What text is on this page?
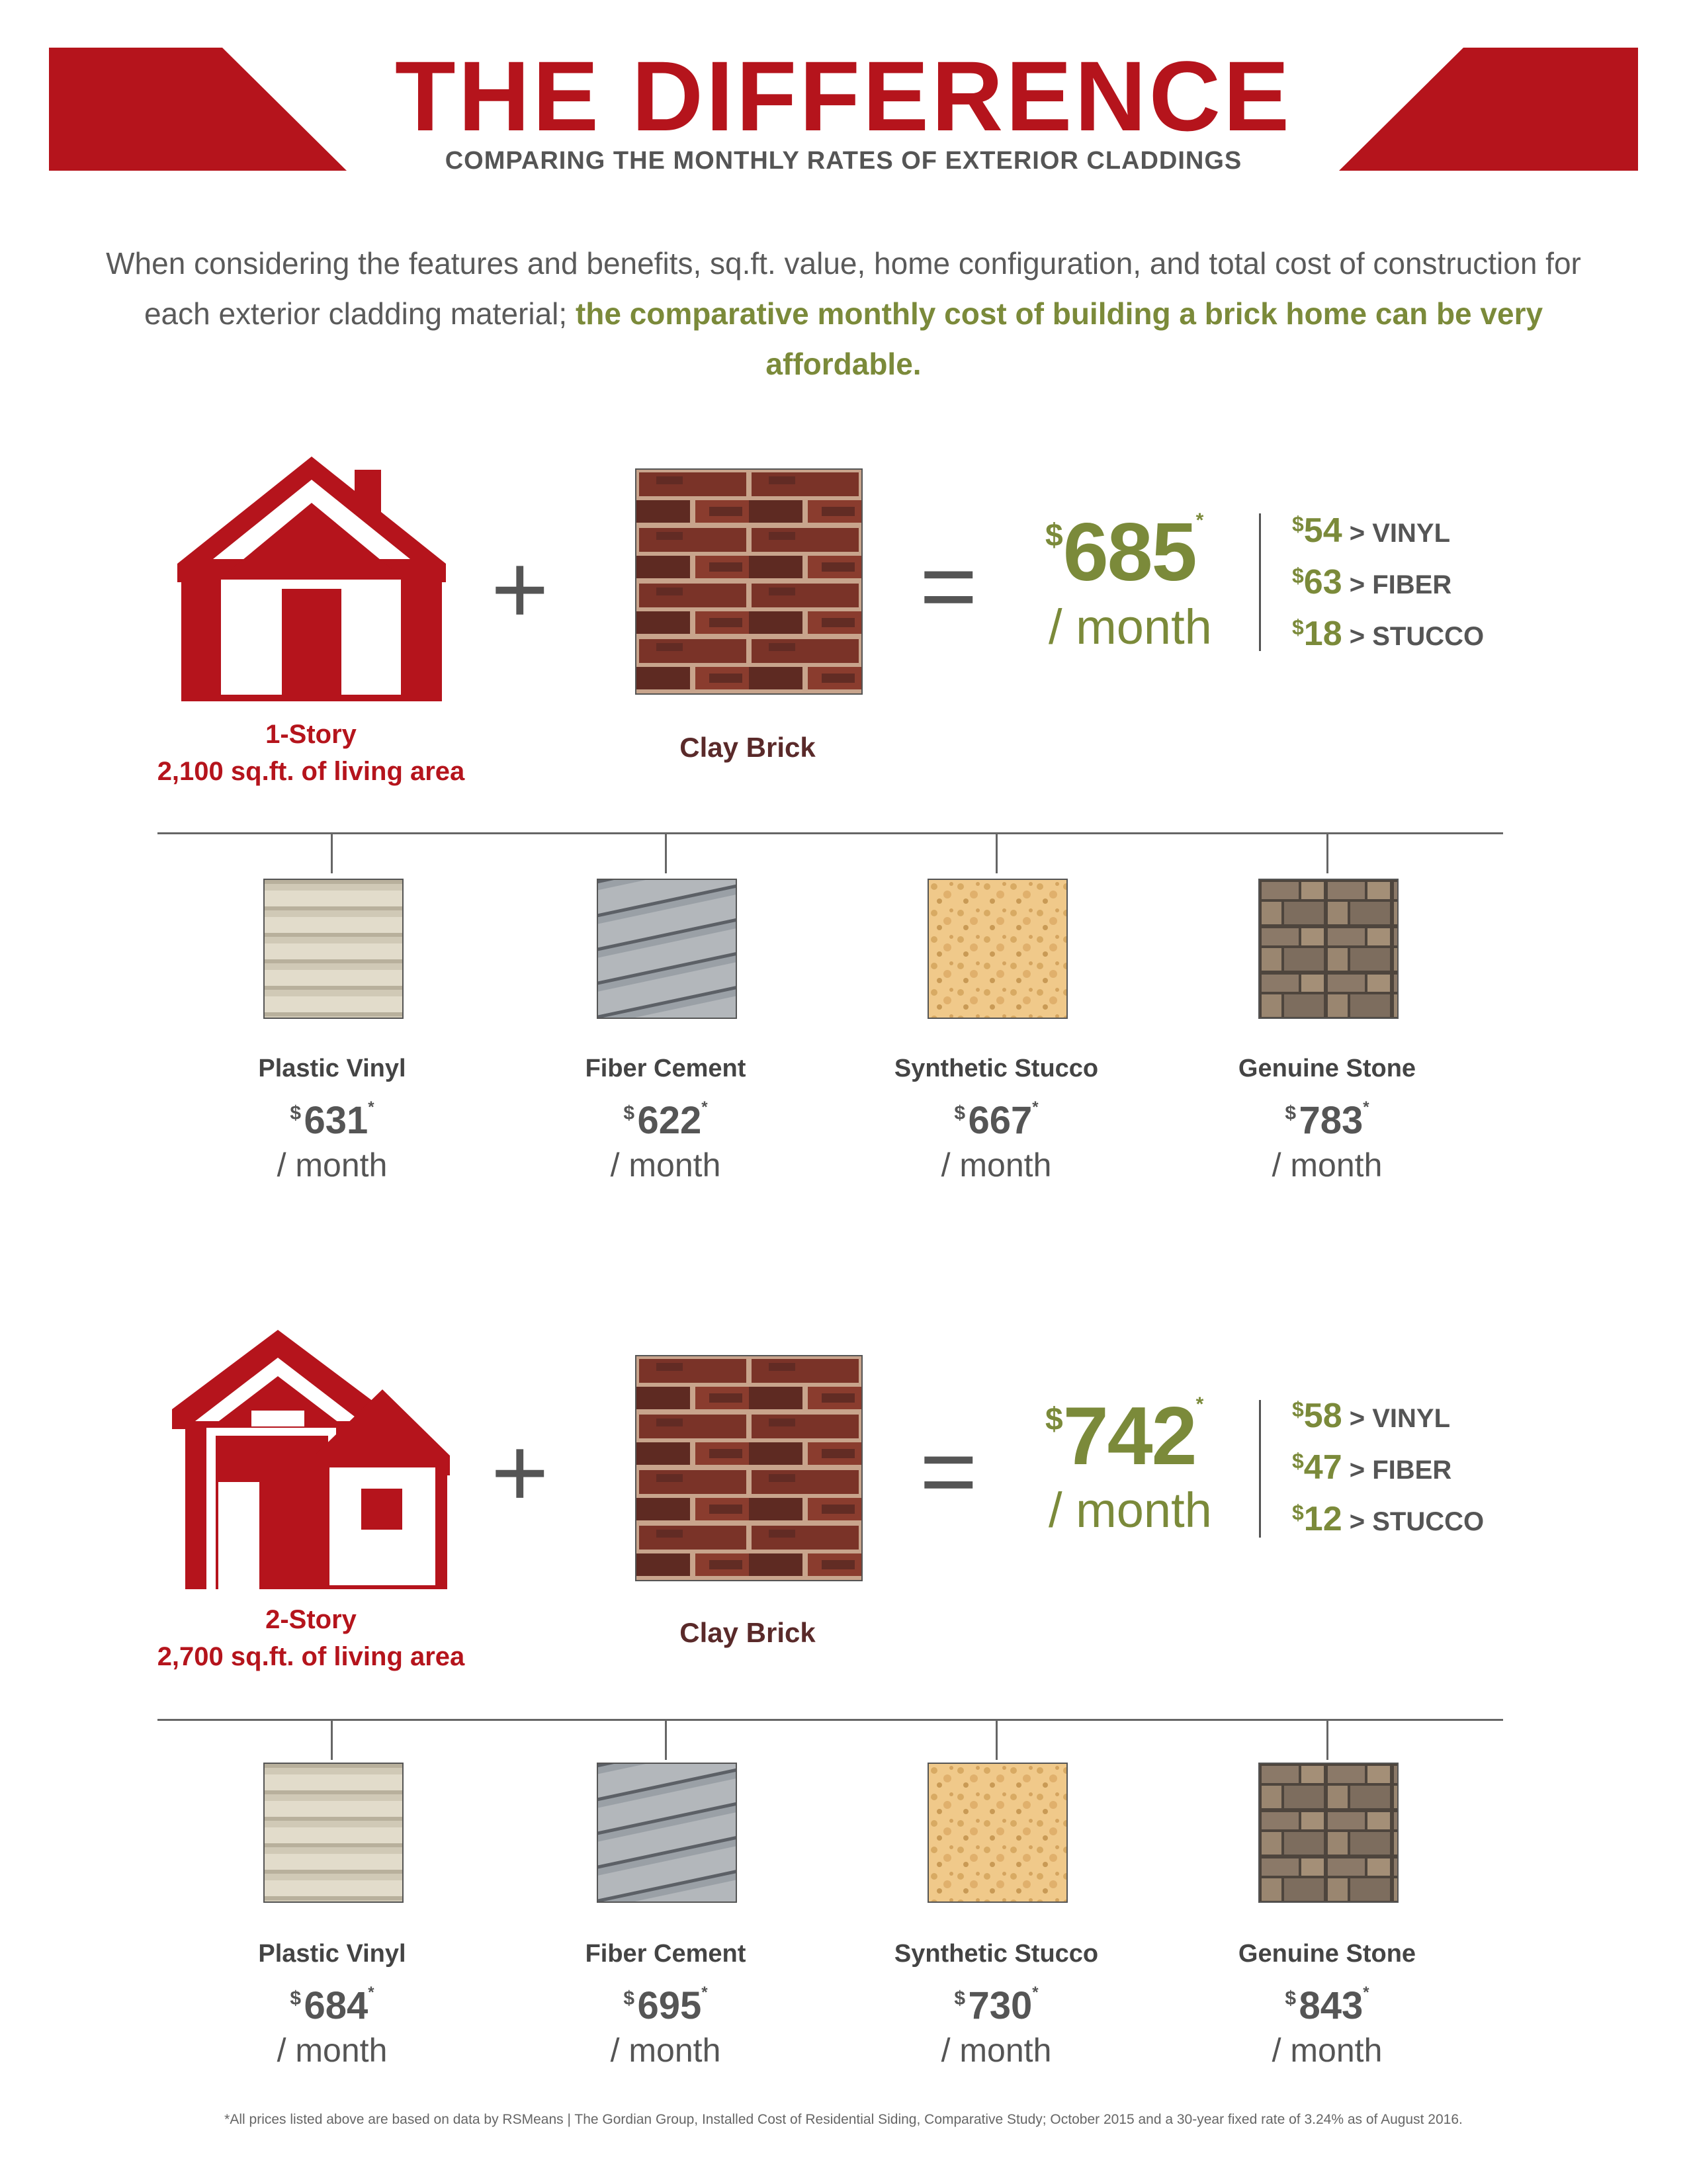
THE DIFFERENCE
COMPARING THE MONTHLY RATES OF EXTERIOR CLADDINGS
When considering the features and benefits, sq.ft. value, home configuration, and total cost of construction for each exterior cladding material; the comparative monthly cost of building a brick home can be very affordable.
+	= $685*
/ month
$54 > VINYL
$63 > FIBER
$18 > STUCCO
1-Story
2,100 sq.ft. of living area
Clay Brick
Plastic Vinyl	Fiber Cement	Synthetic Stucco	Genuine Stone
$ 631*	$ 622*	$ 667*	$ 783*
/ month	/ month	/ month	/ month
+	= $742*
/ month
$58 > VINYL
$47 > FIBER
$12 > STUCCO
2-Story
2,700 sq.ft. of living area
Clay Brick
Plastic Vinyl	Fiber Cement	Synthetic Stucco	Genuine Stone
$ 684*	$ 695*	$ 730*	$ 843*
/ month	/ month	/ month	/ month
*All prices listed above are based on data by RSMeans | The Gordian Group, Installed Cost of Residential Siding, Comparative Study; October 2015 and a 30-year fixed rate of 3.24% as of August 2016.
